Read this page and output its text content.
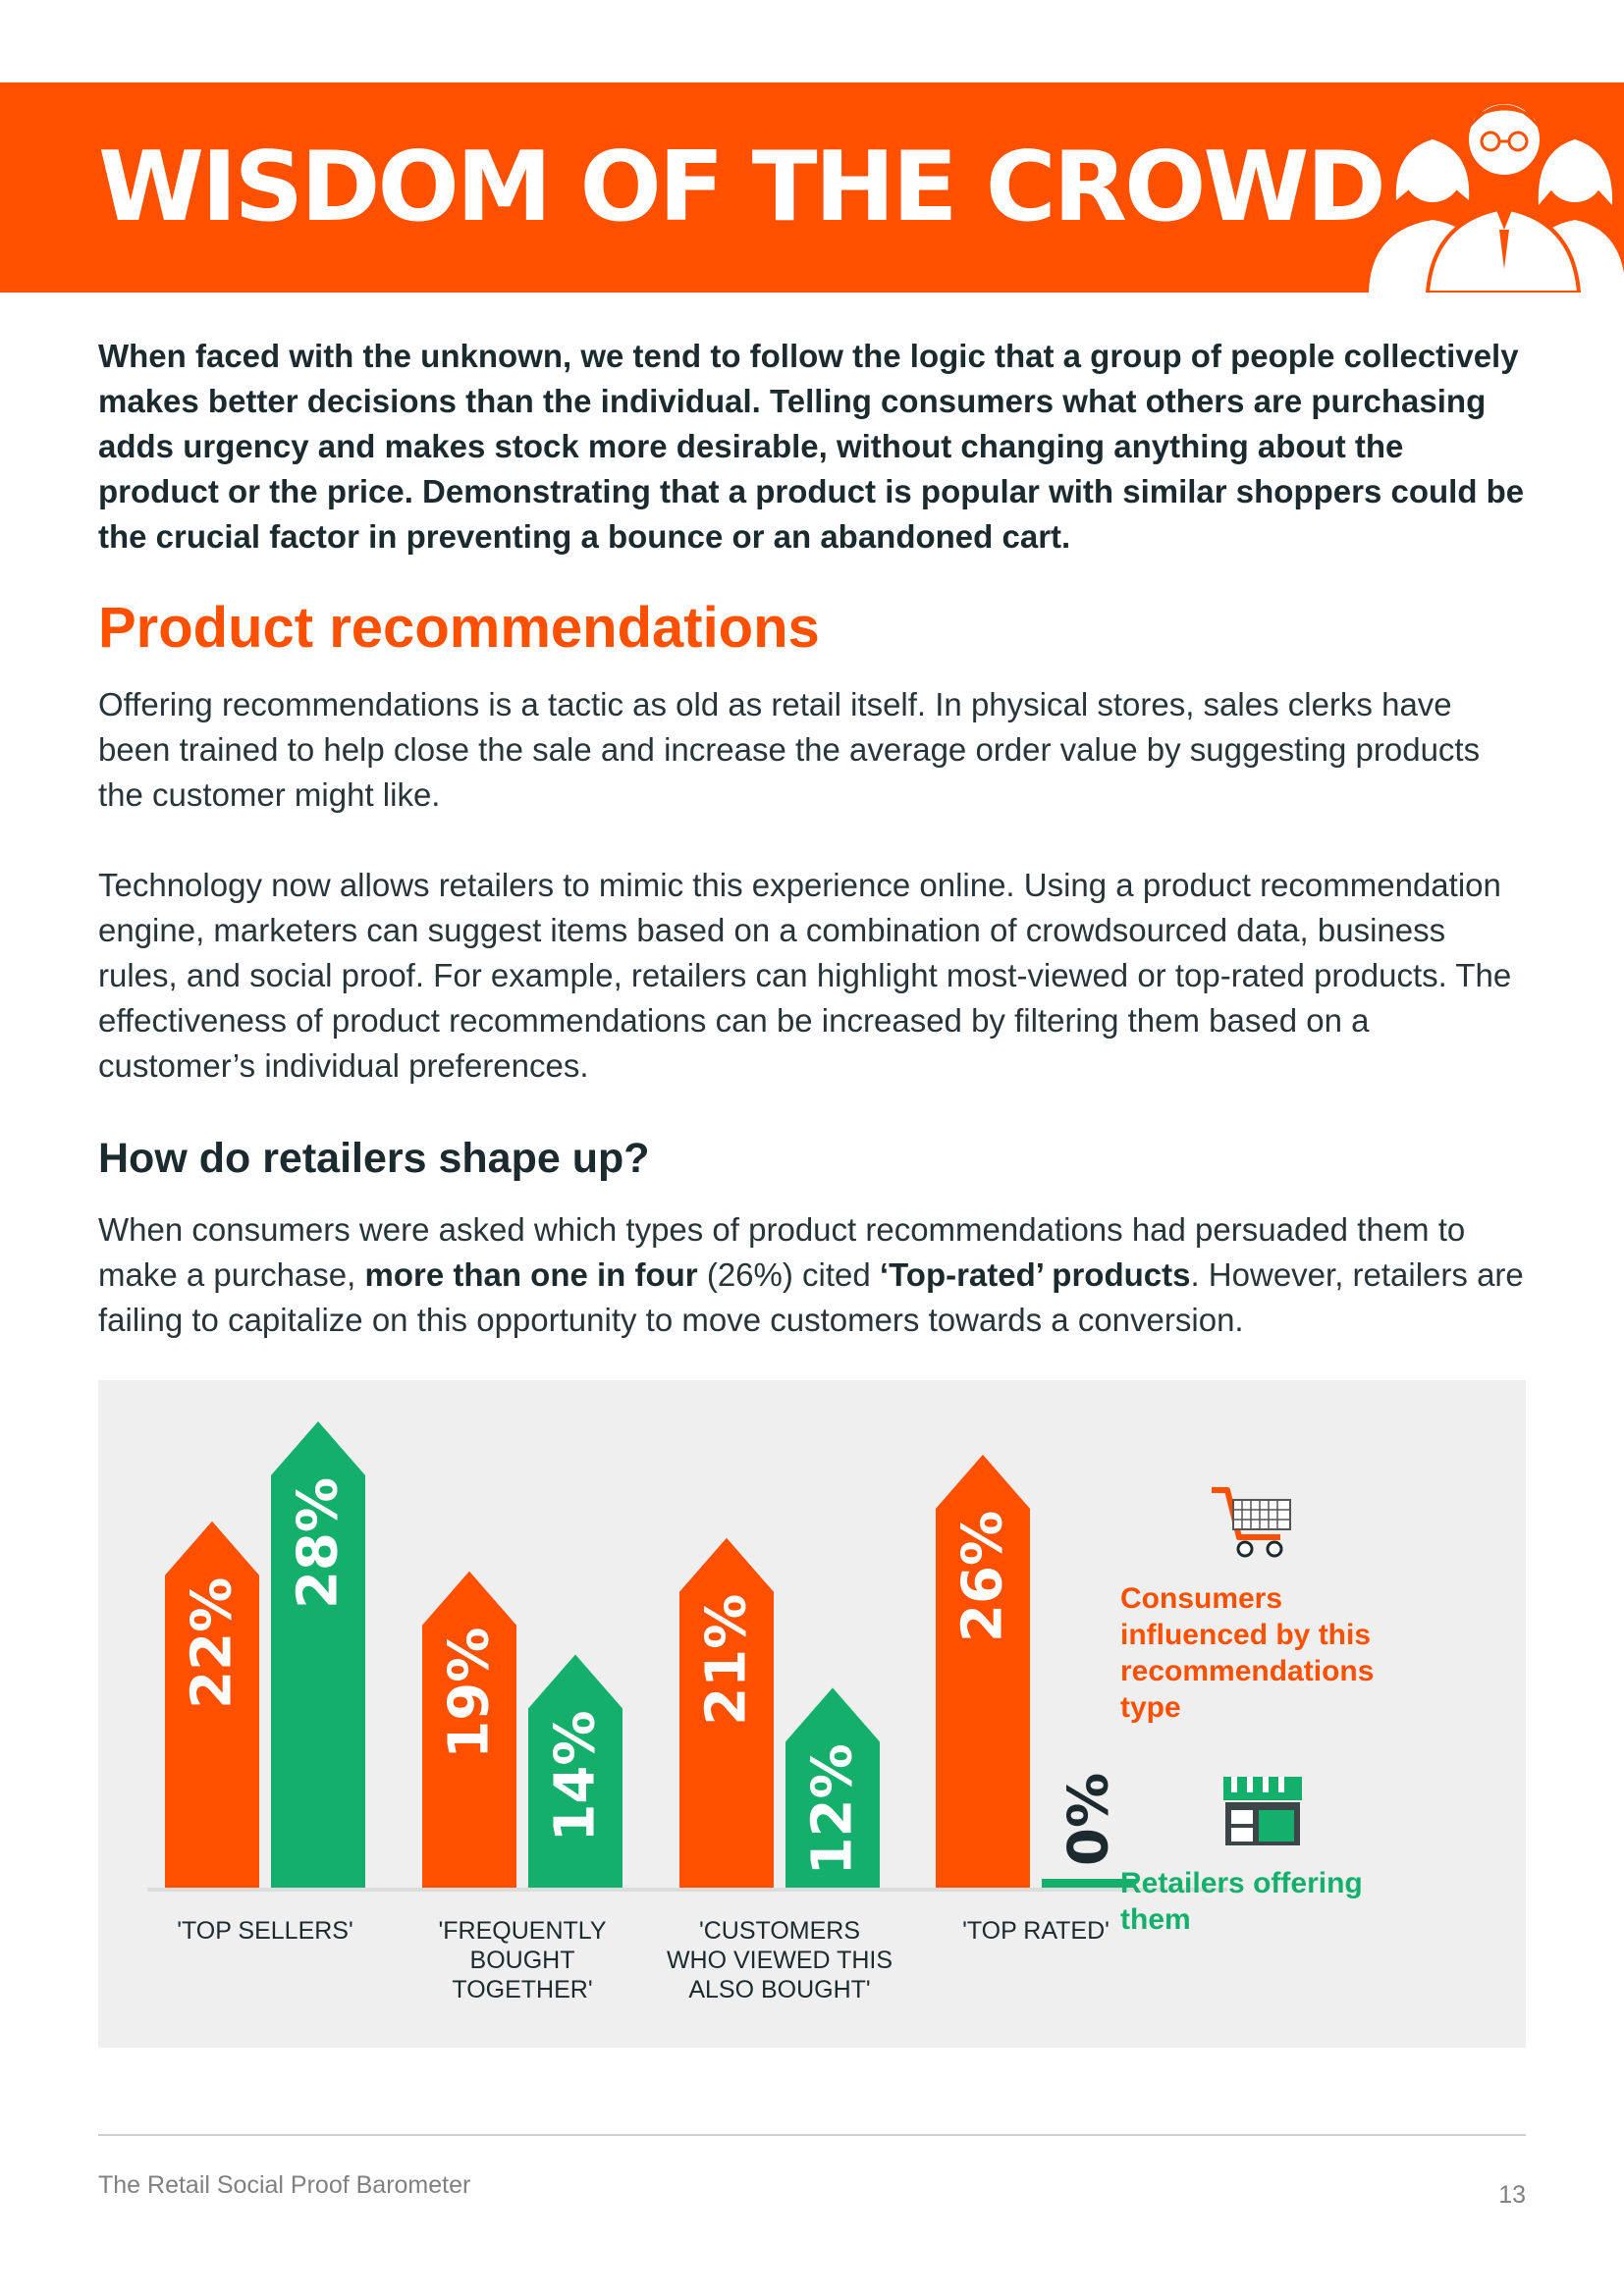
WISDOM OF THE CROWD

When faced with the unknown, we tend to follow the logic that a group of people collectively makes better decisions than the individual. Telling consumers what others are purchasing adds urgency and makes stock more desirable, without changing anything about the product or the price. Demonstrating that a product is popular with similar shoppers could be the crucial factor in preventing a bounce or an abandoned cart.

Product recommendations

Offering recommendations is a tactic as old as retail itself. In physical stores, sales clerks have been trained to help close the sale and increase the average order value by suggesting products the customer might like.

Technology now allows retailers to mimic this experience online. Using a product recommendation engine, marketers can suggest items based on a combination of crowdsourced data, business rules, and social proof. For example, retailers can highlight most-viewed or top-rated products. The effectiveness of product recommendations can be increased by filtering them based on a customer’s individual preferences.

How do retailers shape up?

When consumers were asked which types of product recommendations had persuaded them to make a purchase, more than one in four (26%) cited ‘Top-rated’ products. However, retailers are failing to capitalize on this opportunity to move customers towards a conversion.

22%
28%
'TOP SELLERS'
19%
14%
'FREQUENTLY
BOUGHT
TOGETHER'
21%
12%
'CUSTOMERS
WHO VIEWED THIS
ALSO BOUGHT'
26%
0%
'TOP RATED'

Consumers influenced by this recommendations type

Retailers offering them

The Retail Social Proof Barometer	13
